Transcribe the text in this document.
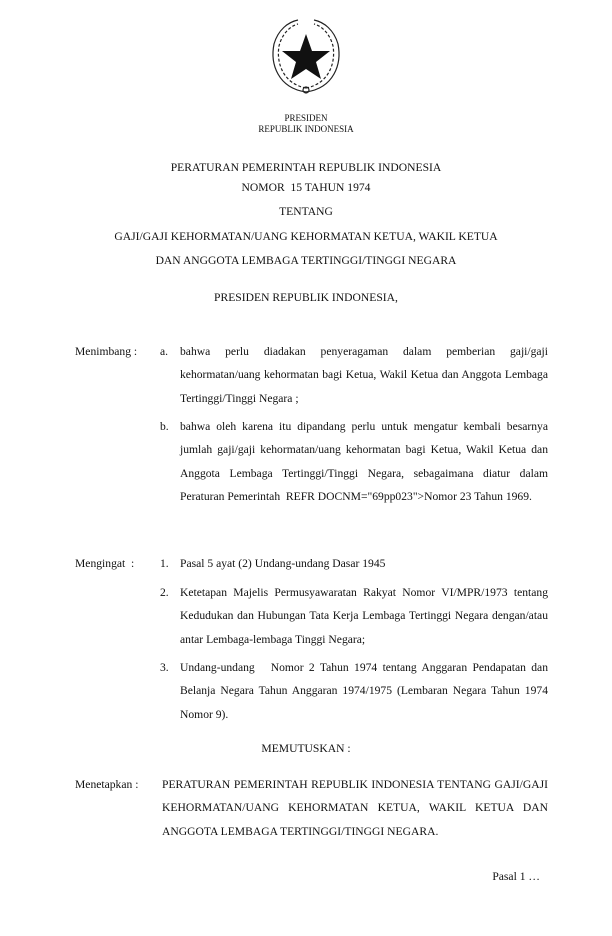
PRESIDEN
REPUBLIK INDONESIA
PERATURAN PEMERINTAH REPUBLIK INDONESIA
NOMOR  15 TAHUN 1974
TENTANG
GAJI/GAJI KEHORMATAN/UANG KEHORMATAN KETUA, WAKIL KETUA
DAN ANGGOTA LEMBAGA TERTINGGI/TINGGI NEGARA
PRESIDEN REPUBLIK INDONESIA,
Menimbang : a. bahwa perlu diadakan penyeragaman dalam pemberian gaji/gaji kehormatan/uang kehormatan bagi Ketua, Wakil Ketua dan Anggota Lembaga Tertinggi/Tinggi Negara ;
b. bahwa oleh karena itu dipandang perlu untuk mengatur kembali besarnya jumlah gaji/gaji kehormatan/uang kehormatan bagi Ketua, Wakil Ketua dan Anggota Lembaga Tertinggi/Tinggi Negara, sebagaimana diatur dalam Peraturan Pemerintah  REFR DOCNM="69pp023">Nomor 23 Tahun 1969.
Mengingat  : 1. Pasal 5 ayat (2) Undang-undang Dasar 1945
2. Ketetapan Majelis Permusyawaratan Rakyat Nomor VI/MPR/1973 tentang Kedudukan dan Hubungan Tata Kerja Lembaga Tertinggi Negara dengan/atau antar Lembaga-lembaga Tinggi Negara;
3. Undang-undang   Nomor 2 Tahun 1974 tentang Anggaran Pendapatan dan Belanja Negara Tahun Anggaran 1974/1975 (Lembaran Negara Tahun 1974 Nomor 9).
MEMUTUSKAN :
Menetapkan : PERATURAN PEMERINTAH REPUBLIK INDONESIA TENTANG GAJI/GAJI KEHORMATAN/UANG KEHORMATAN KETUA, WAKIL KETUA DAN ANGGOTA LEMBAGA TERTINGGI/TINGGI NEGARA.
Pasal 1 …
